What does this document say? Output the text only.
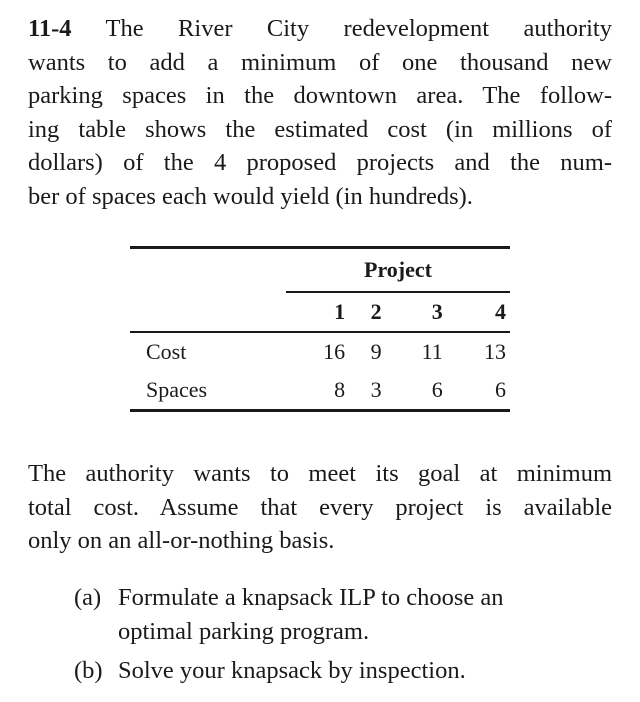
11-4 The River City redevelopment authority
wants to add a minimum of one thousand new
parking spaces in the downtown area. The follow-
ing table shows the estimated cost (in millions of
dollars) of the 4 proposed projects and the num-
ber of spaces each would yield (in hundreds).

	Project			
	1	2	3	4
Cost	16	9	11	13
Spaces	8	3	6	6

The authority wants to meet its goal at minimum
total cost. Assume that every project is available
only on an all-or-nothing basis.

(a) Formulate a knapsack ILP to choose an
optimal parking program.

(b) Solve your knapsack by inspection.
